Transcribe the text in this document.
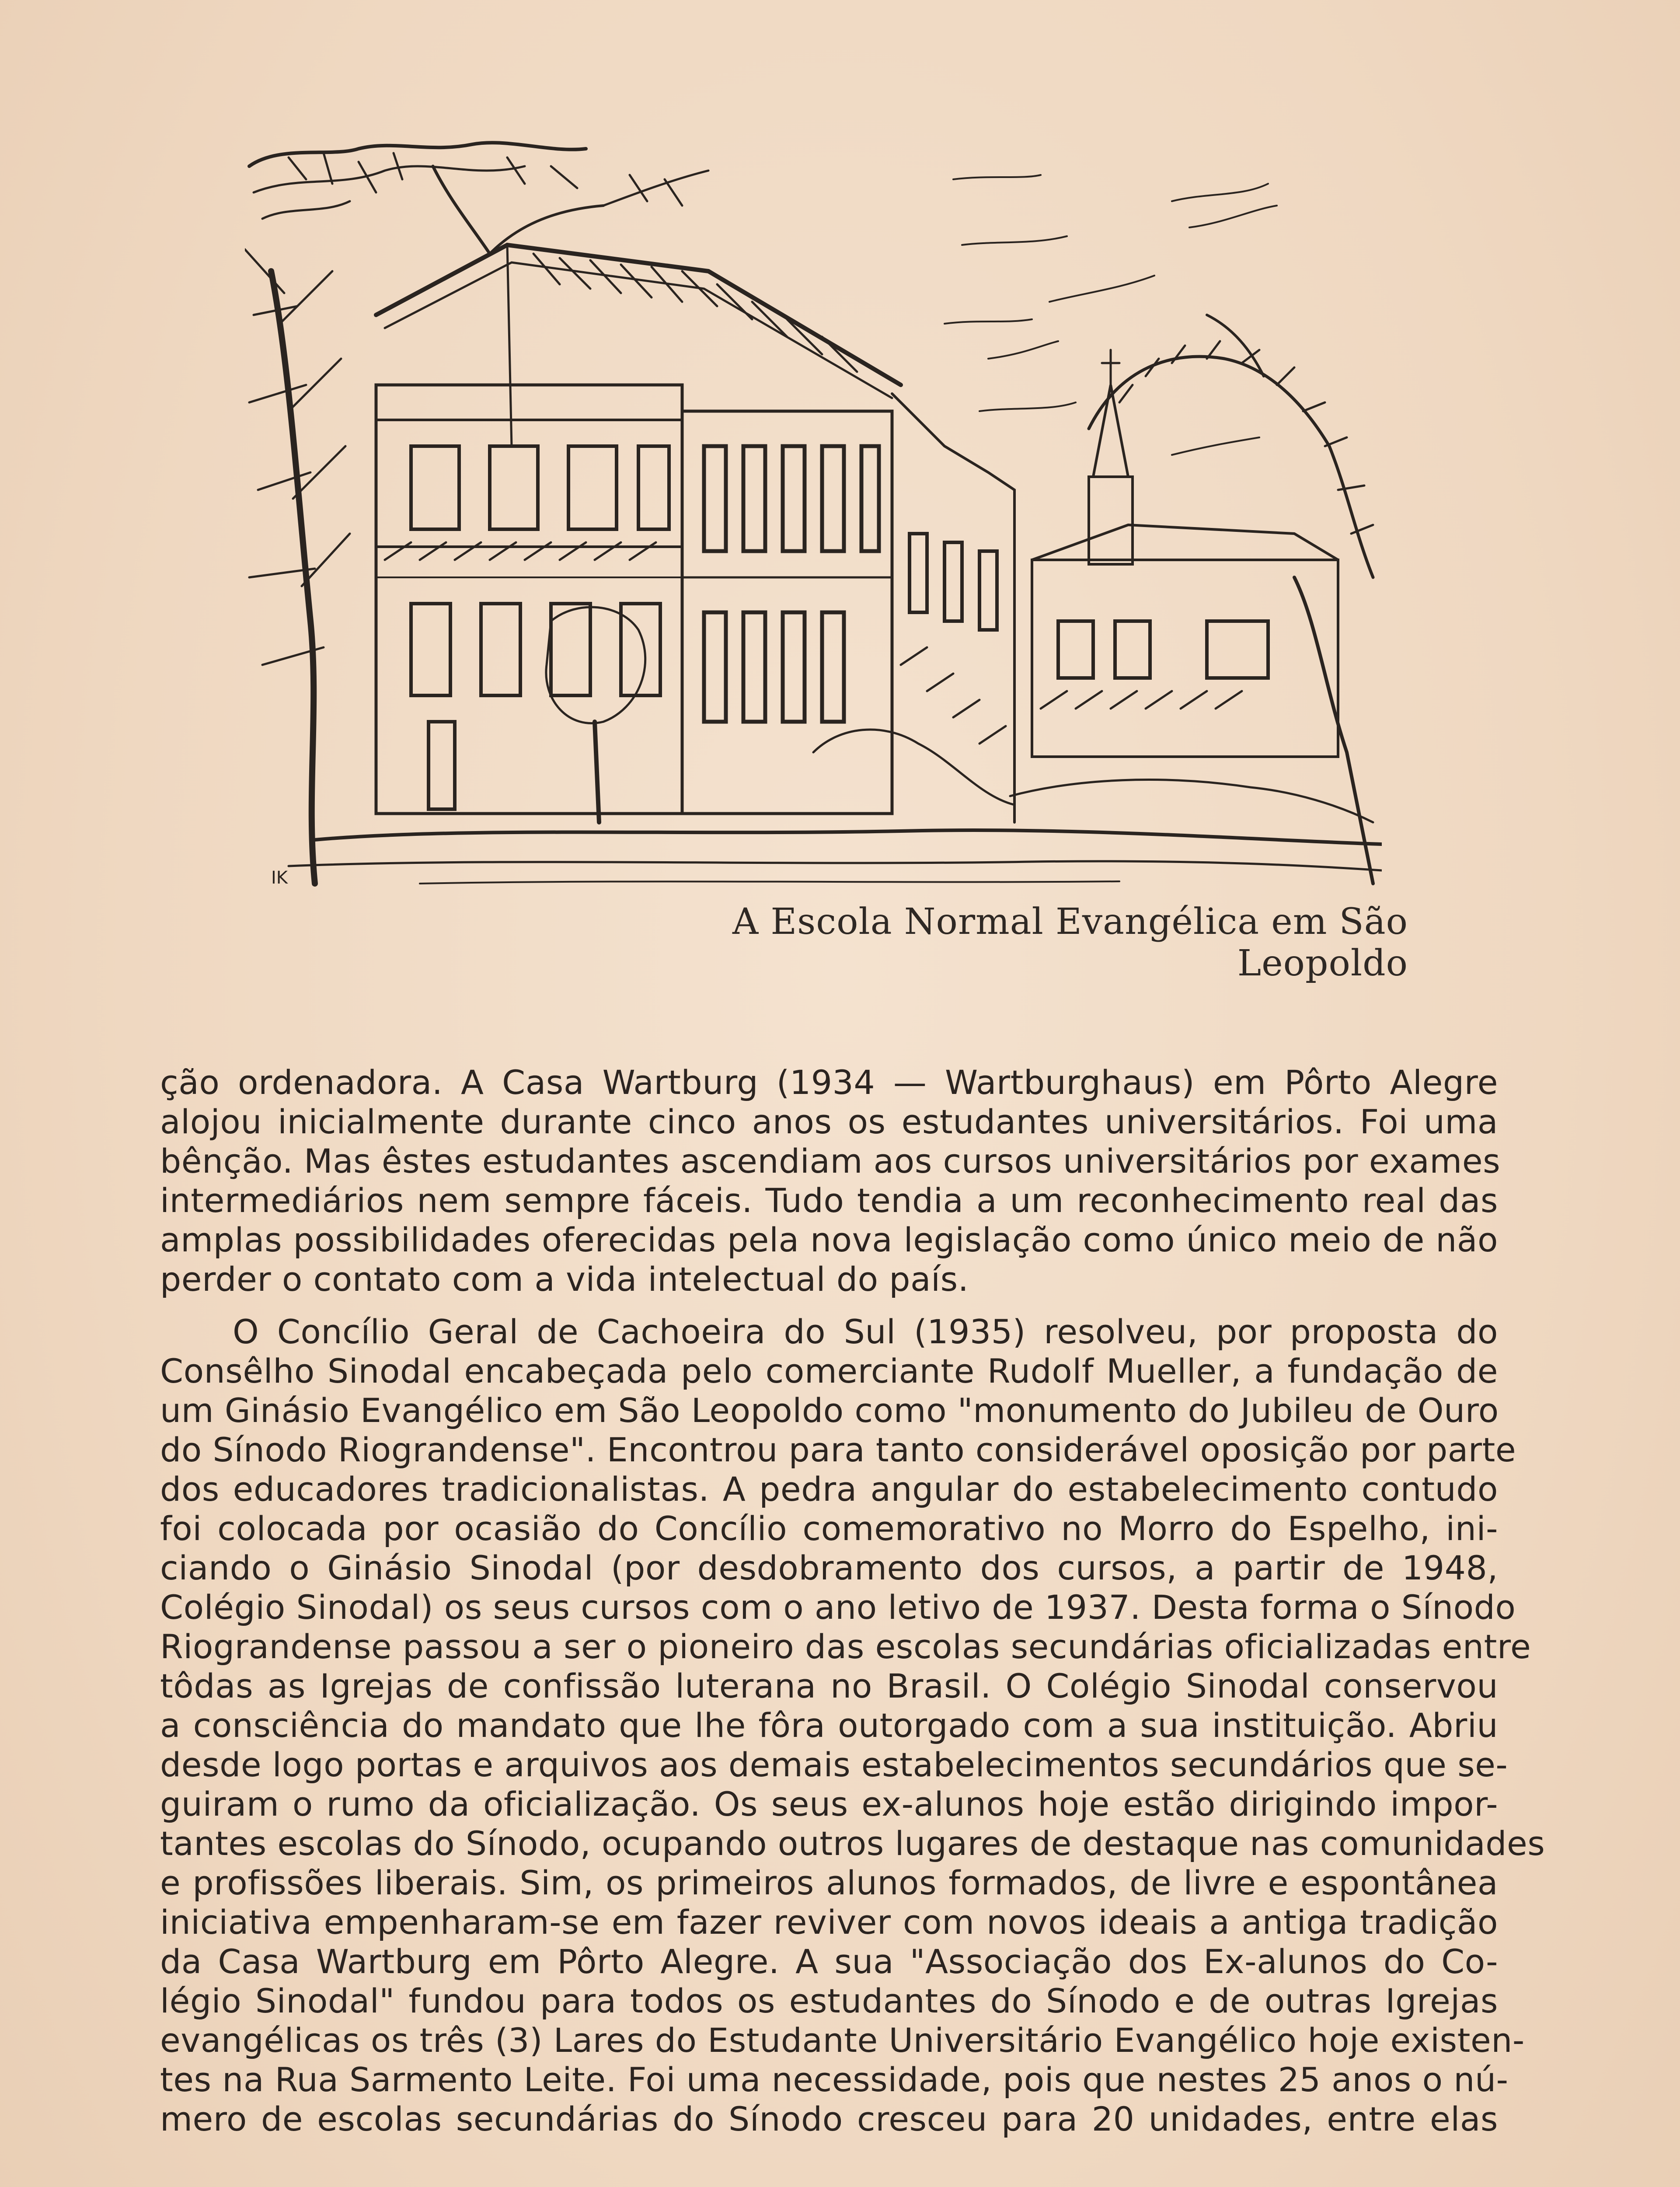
IK
A Escola Normal Evangélica em São Leopoldo
ção ordenadora. A Casa Wartburg (1934 — Wartburghaus) em Pôrto Alegre
alojou inicialmente durante cinco anos os estudantes universitários. Foi uma
bênção. Mas êstes estudantes ascendiam aos cursos universitários por exames
intermediários nem sempre fáceis. Tudo tendia a um reconhecimento real das
amplas possibilidades oferecidas pela nova legislação como único meio de não
perder o contato com a vida intelectual do país.
O Concílio Geral de Cachoeira do Sul (1935) resolveu, por proposta do
Consêlho Sinodal encabeçada pelo comerciante Rudolf Mueller, a fundação de
um Ginásio Evangélico em São Leopoldo como "monumento do Jubileu de Ouro
do Sínodo Riograndense". Encontrou para tanto considerável oposição por parte
dos educadores tradicionalistas. A pedra angular do estabelecimento contudo
foi colocada por ocasião do Concílio comemorativo no Morro do Espelho, ini-
ciando o Ginásio Sinodal (por desdobramento dos cursos, a partir de 1948,
Colégio Sinodal) os seus cursos com o ano letivo de 1937. Desta forma o Sínodo
Riograndense passou a ser o pioneiro das escolas secundárias oficializadas entre
tôdas as Igrejas de confissão luterana no Brasil. O Colégio Sinodal conservou
a consciência do mandato que lhe fôra outorgado com a sua instituição. Abriu
desde logo portas e arquivos aos demais estabelecimentos secundários que se-
guiram o rumo da oficialização. Os seus ex-alunos hoje estão dirigindo impor-
tantes escolas do Sínodo, ocupando outros lugares de destaque nas comunidades
e profissões liberais. Sim, os primeiros alunos formados, de livre e espontânea
iniciativa empenharam-se em fazer reviver com novos ideais a antiga tradição
da Casa Wartburg em Pôrto Alegre. A sua "Associação dos Ex-alunos do Co-
légio Sinodal" fundou para todos os estudantes do Sínodo e de outras Igrejas
evangélicas os três (3) Lares do Estudante Universitário Evangélico hoje existen-
tes na Rua Sarmento Leite. Foi uma necessidade, pois que nestes 25 anos o nú-
mero de escolas secundárias do Sínodo cresceu para 20 unidades, entre elas
